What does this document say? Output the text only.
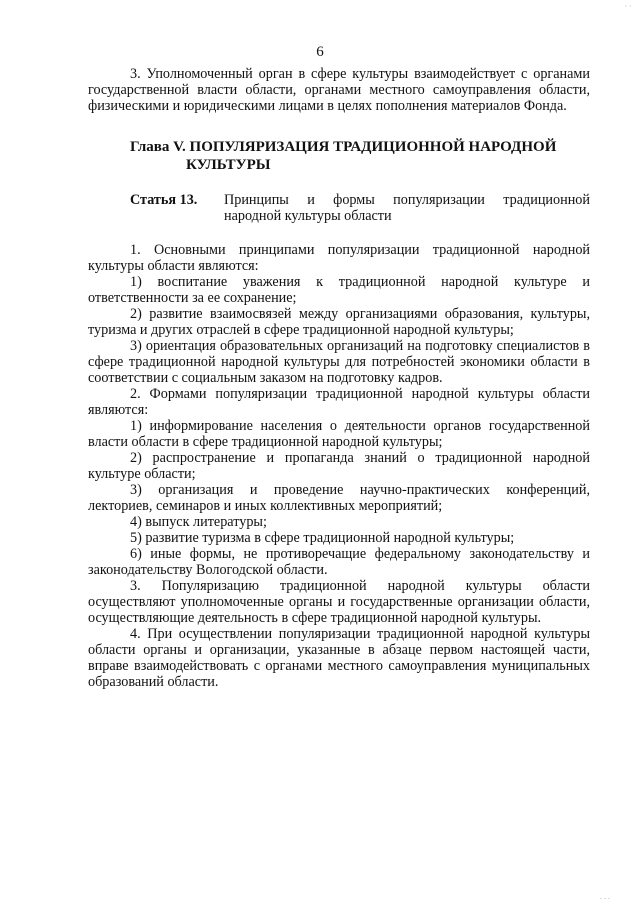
· ·
6

3. Уполномоченный орган в сфере культуры взаимодействует с органами государственной власти области, органами местного самоуправления области, физическими и юридическими лицами в целях пополнения материалов Фонда.

Глава V. ПОПУЛЯРИЗАЦИЯ ТРАДИЦИОННОЙ НАРОДНОЙ
КУЛЬТУРЫ

Статья 13.	Принципы и формы популяризации традиционной народной культуры области

1. Основными принципами популяризации традиционной народной культуры области являются:

1) воспитание уважения к традиционной народной культуре и ответственности за ее сохранение;

2) развитие взаимосвязей между организациями образования, культуры, туризма и других отраслей в сфере традиционной народной культуры;

3) ориентация образовательных организаций на подготовку специалистов в сфере традиционной народной культуры для потребностей экономики области в соответствии с социальным заказом на подготовку кадров.

2. Формами популяризации традиционной народной культуры области являются:

1) информирование населения о деятельности органов государственной власти области в сфере традиционной народной культуры;

2) распространение и пропаганда знаний о традиционной народной культуре области;

3) организация и проведение научно-практических конференций, лекториев, семинаров и иных коллективных мероприятий;

4) выпуск литературы;

5) развитие туризма в сфере традиционной народной культуры;

6) иные формы, не противоречащие федеральному законодательству и законодательству Вологодской области.

3. Популяризацию традиционной народной культуры области осуществляют уполномоченные органы и государственные организации области, осуществляющие деятельность в сфере традиционной народной культуры.

4. При осуществлении популяризации традиционной народной культуры области органы и организации, указанные в абзаце первом настоящей части, вправе взаимодействовать с органами местного самоуправления муниципальных образований области.

. . .
